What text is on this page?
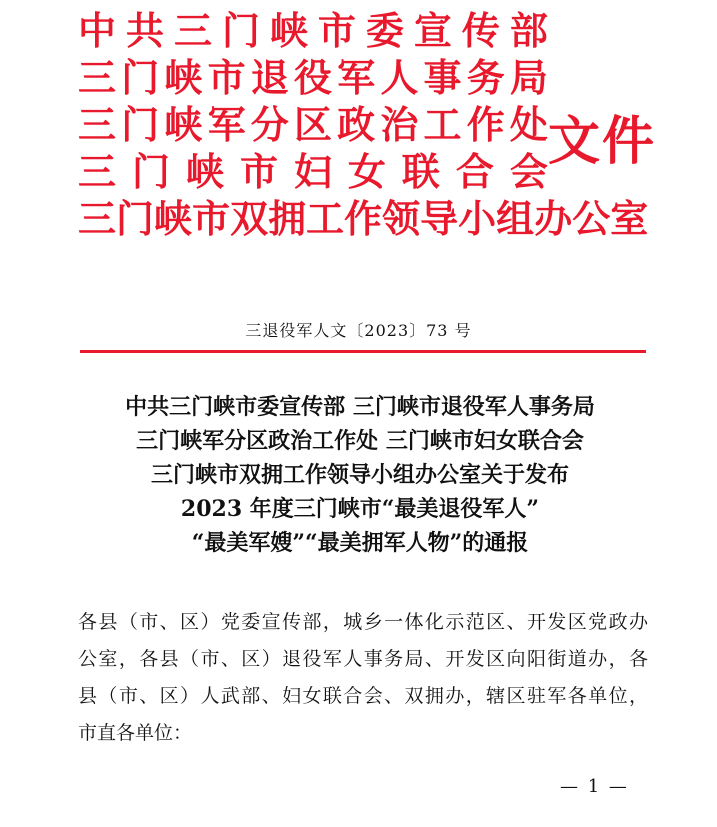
中 共 三 门 峡 市 委 宣 传 部
三 门 峡 市 退 役 军 人 事 务 局
三 门 峡 军 分 区 政 治 工 作 处
三 门 峡 市 妇 女 联 合 会
三 门 峡 市 双 拥 工 作 领 导 小 组 办 公 室
文件
三退役军人文〔2023〕73 号
中共三门峡市委宣传部 三门峡市退役军人事务局
三门峡军分区政治工作处 三门峡市妇女联合会
三门峡市双拥工作领导小组办公室关于发布
2023 年度三门峡市“最美退役军人”
“最美军嫂”“最美拥军人物”的通报
各 县 （ 市 、 区 ） 党 委 宣 传 部 ， 城 乡 一 体 化 示 范 区 、 开 发 区 党 政 办
公 室 ， 各 县 （ 市 、 区 ） 退 役 军 人 事 务 局 、 开 发 区 向 阳 街 道 办 ， 各
县 （ 市 、 区 ） 人 武 部 、 妇 女 联 合 会 、 双 拥 办 ， 辖 区 驻 军 各 单 位 ，
市直各单位：
— 1 —
